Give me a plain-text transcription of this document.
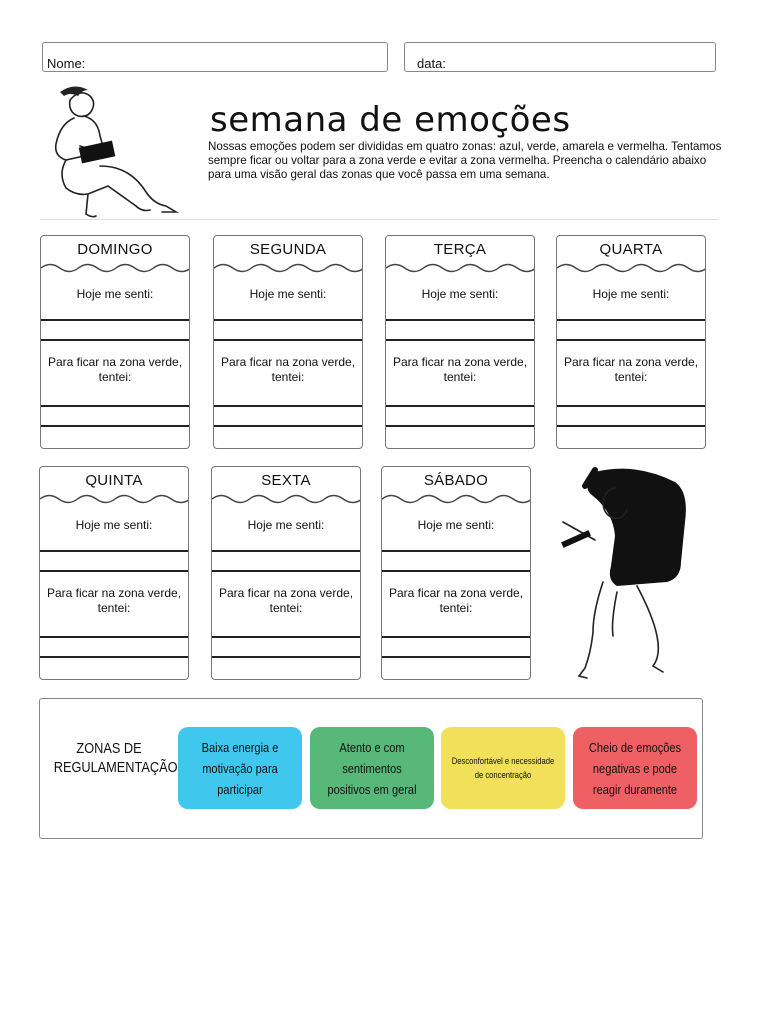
Nome:	data:
semana de emoções
Nossas emoções podem ser divididas em quatro zonas: azul, verde, amarela e vermelha. Tentamos sempre ficar ou voltar para a zona verde e evitar a zona vermelha. Preencha o calendário abaixo para uma visão geral das zonas que você passa em uma semana.
DOMINGO
Hoje me senti:
Para ficar na zona verde, tentei:
SEGUNDA
Hoje me senti:
Para ficar na zona verde, tentei:
TERÇA
Hoje me senti:
Para ficar na zona verde, tentei:
QUARTA
Hoje me senti:
Para ficar na zona verde, tentei:
QUINTA
Hoje me senti:
Para ficar na zona verde, tentei:
SEXTA
Hoje me senti:
Para ficar na zona verde, tentei:
SÁBADO
Hoje me senti:
Para ficar na zona verde, tentei:
ZONAS DE REGULAMENTAÇÃO
Baixa energia e motivação para participar
Atento e com sentimentos positivos em geral
Desconfortável e necessidade de concentração
Cheio de emoções negativas e pode reagir duramente
